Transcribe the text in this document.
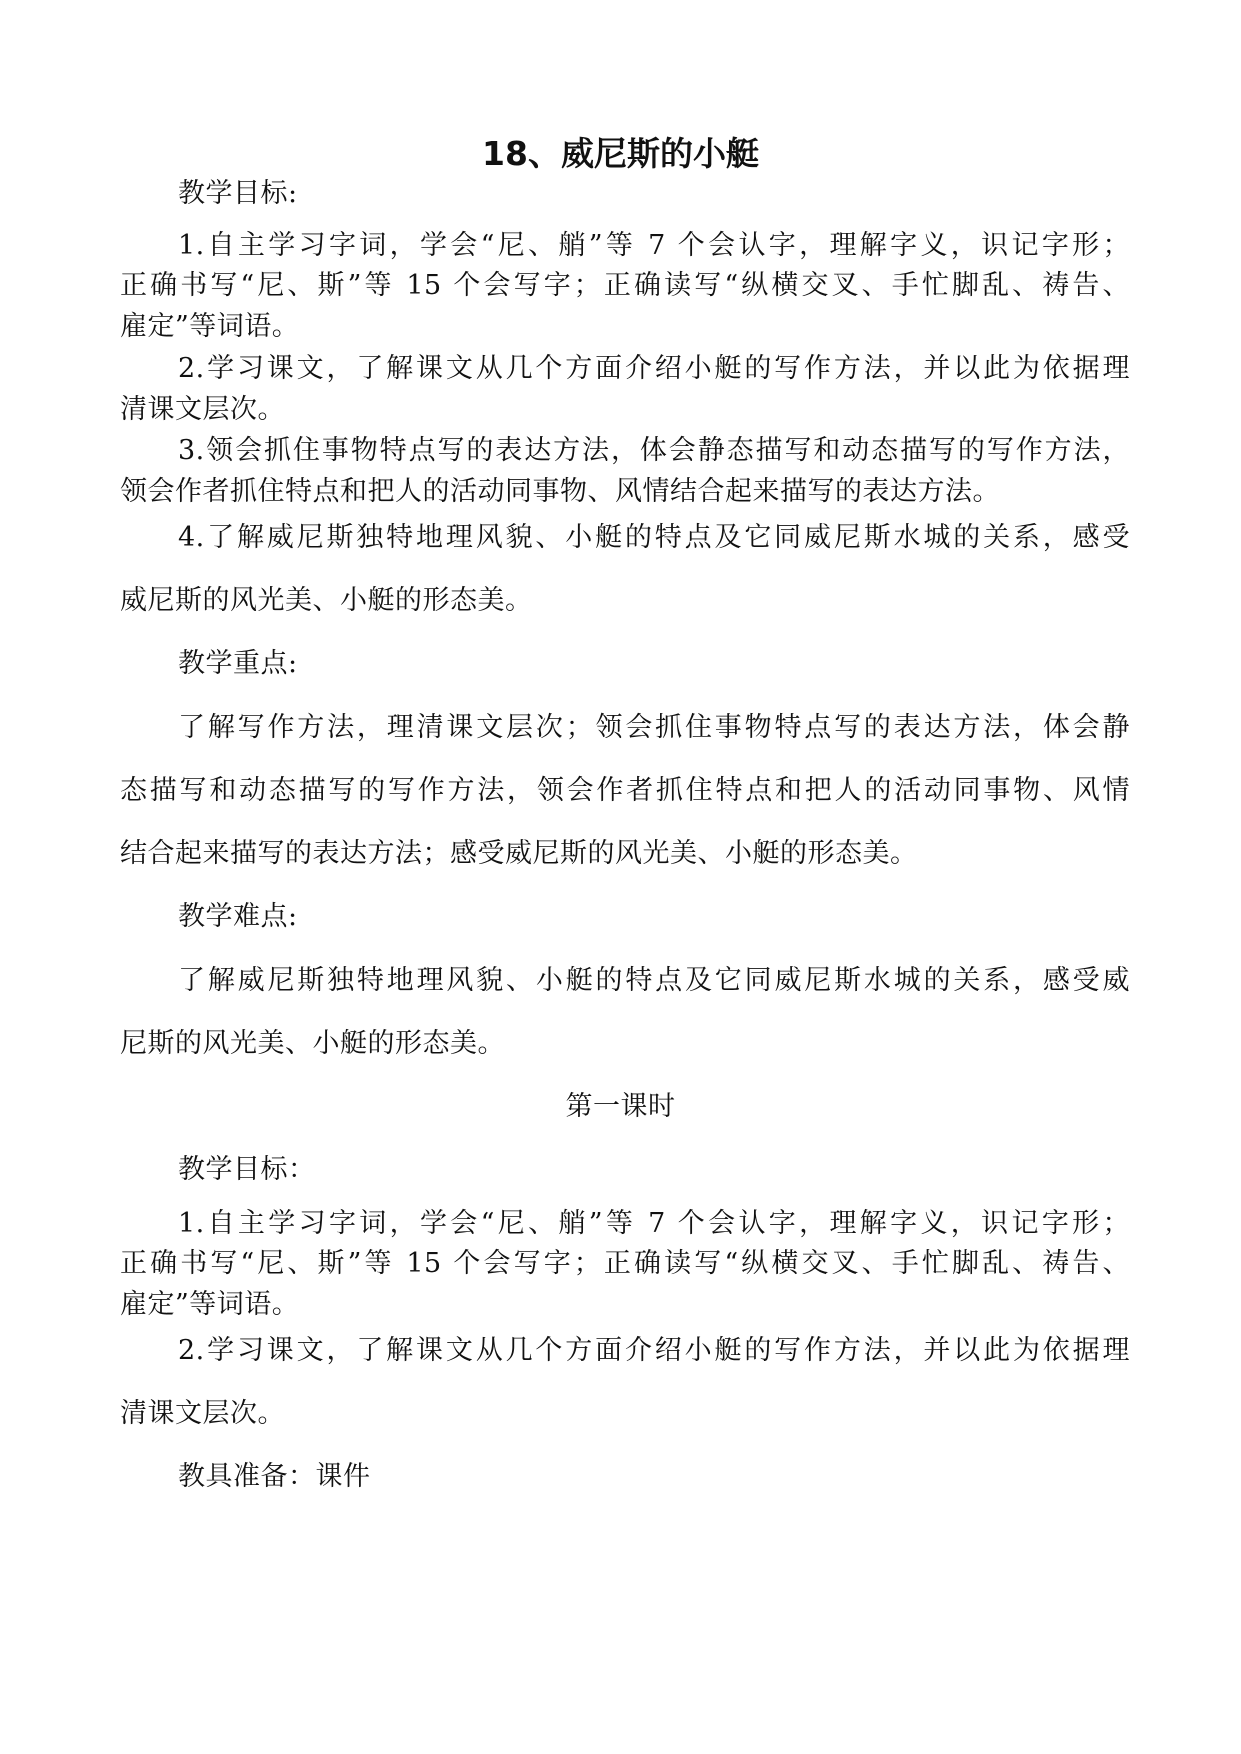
18、威尼斯的小艇
教学目标:
1.自主学习字词，学会“尼、艄”等 7 个会认字，理解字义，识记字形；
正确书写“尼、斯”等 15 个会写字；正确读写“纵横交叉、手忙脚乱、祷告、
雇定”等词语。
2.学习课文，了解课文从几个方面介绍小艇的写作方法，并以此为依据理
清课文层次。
3.领会抓住事物特点写的表达方法，体会静态描写和动态描写的写作方法，
领会作者抓住特点和把人的活动同事物、风情结合起来描写的表达方法。
4.了解威尼斯独特地理风貌、小艇的特点及它同威尼斯水城的关系，感受
威尼斯的风光美、小艇的形态美。
教学重点:
了解写作方法，理清课文层次；领会抓住事物特点写的表达方法，体会静
态描写和动态描写的写作方法，领会作者抓住特点和把人的活动同事物、风情
结合起来描写的表达方法；感受威尼斯的风光美、小艇的形态美。
教学难点:
了解威尼斯独特地理风貌、小艇的特点及它同威尼斯水城的关系，感受威
尼斯的风光美、小艇的形态美。
第一课时
教学目标：
1.自主学习字词，学会“尼、艄”等 7 个会认字，理解字义，识记字形；
正确书写“尼、斯”等 15 个会写字；正确读写“纵横交叉、手忙脚乱、祷告、
雇定”等词语。
2.学习课文，了解课文从几个方面介绍小艇的写作方法，并以此为依据理
清课文层次。
教具准备：课件
